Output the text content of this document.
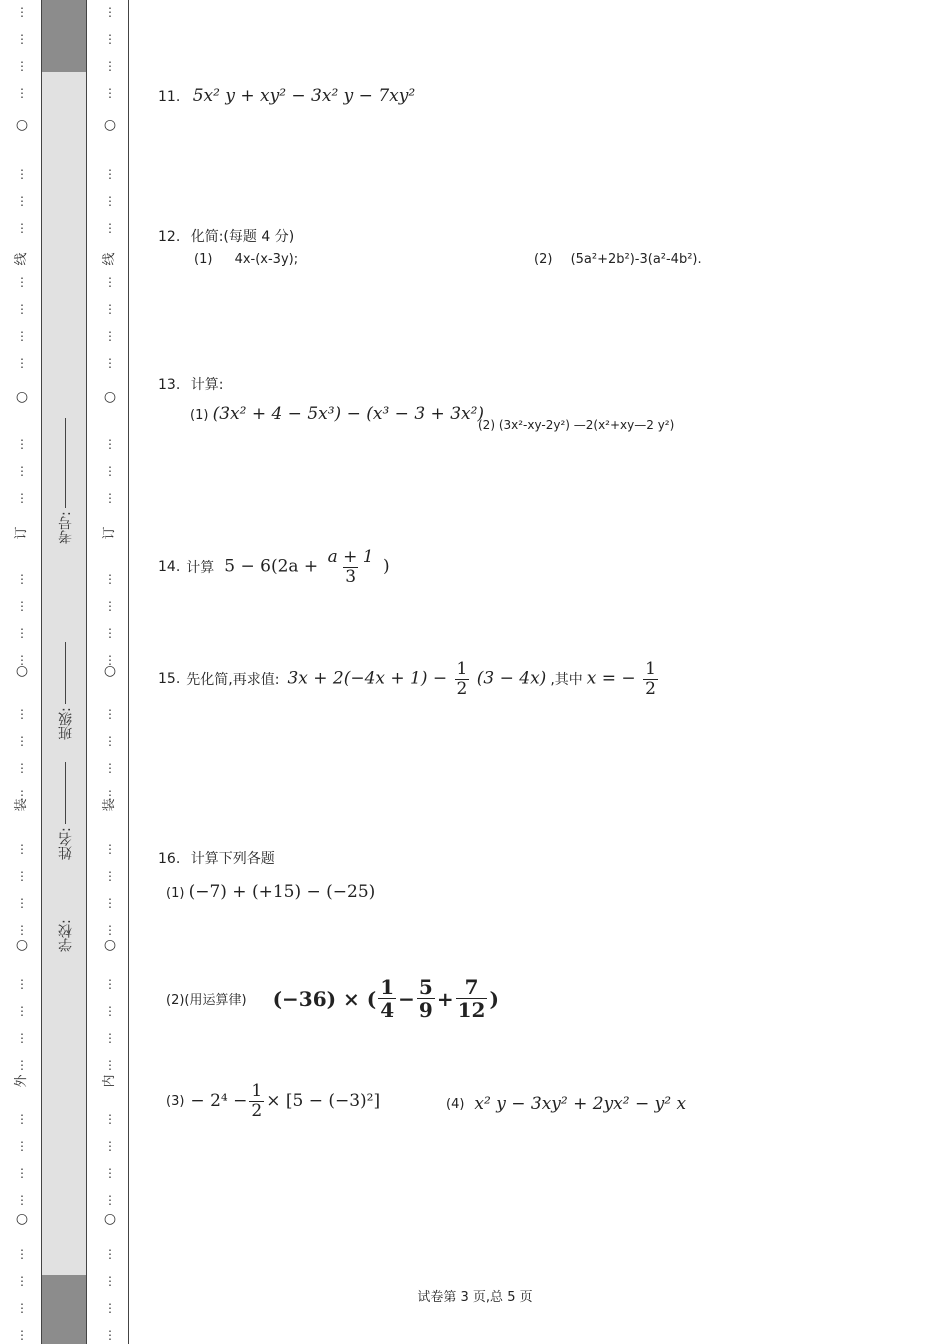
⋮
⋮
⋮
⋮
⋮
⋮
⋮
⋮
⋮
⋮
⋮
⋮
⋮
⋮
⋮
⋮
⋮
⋮
⋮
⋮
⋮
⋮
⋮
⋮
⋮
⋮
⋮
⋮
⋮
⋮
⋮
⋮
⋮
⋮
⋮
⋮
⋮
⋮
○
○
○
○
○
线
订
装
外
⋮
⋮
⋮
⋮
⋮
⋮
⋮
⋮
⋮
⋮
⋮
⋮
⋮
⋮
⋮
⋮
⋮
⋮
⋮
⋮
⋮
⋮
⋮
⋮
⋮
⋮
⋮
⋮
⋮
⋮
⋮
⋮
⋮
⋮
⋮
⋮
⋮
⋮
○
○
○
○
○
线
订
装
内
学校:
姓名:
班级:
考号:
11. 5x² y + xy² − 3x² y − 7xy²
12. 化简:(每题 4 分)
(1) 4x-(x-3y);	(2) (5a²+2b²)-3(a²-4b²).
13. 计算:
(1) (3x² + 4 − 5x³) − (x³ − 3 + 3x²)
(2) (3x²-xy-2y²) —2(x²+xy—2 y²)
14. 计算 $5 - 6(2a + \frac{a + 1}{3}$ )
15. 先化简,再求值: $3x + 2(-4x + 1) - \frac{1}{2} (3 - 4x)$ ,其中 x = − $\frac{1}{2}$
16. 计算下列各题
(1) (−7) + (+15) − (−25)
(2)(用运算律) (−36) × ( $\frac{1}{4} - \frac{5}{9} + \frac{7}{12}$ )
$(3) - 2^4 - \frac{1}{2} \times [5 - (-3)^2]$	(4) x² y − 3xy² + 2yx² − y² x
试卷第 3 页,总 5 页
